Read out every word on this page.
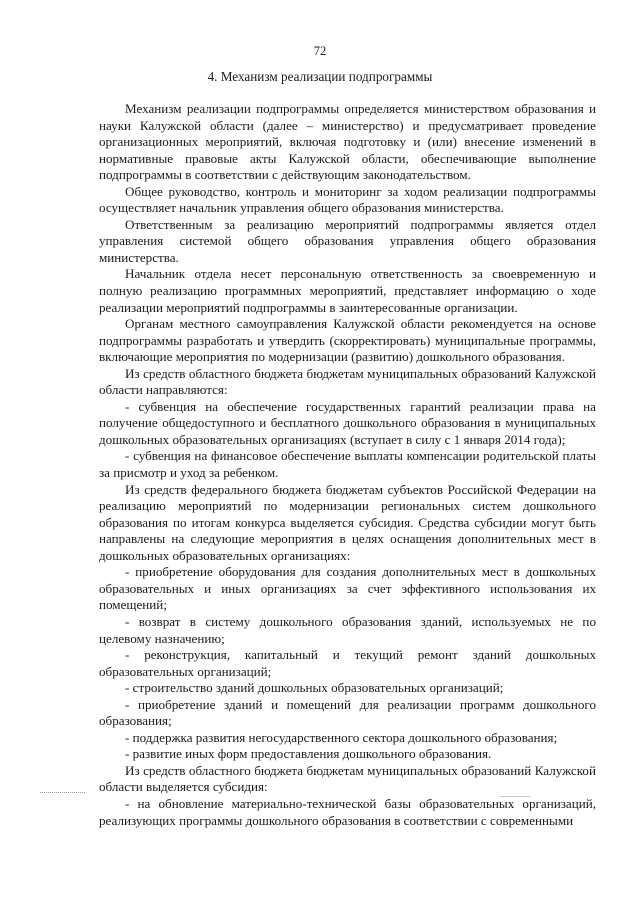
72
4. Механизм реализации подпрограммы

Механизм реализации подпрограммы определяется министерством образования и науки Калужской области (далее – министерство) и предусматривает проведение организационных мероприятий, включая подготовку и (или) внесение изменений в нормативные правовые акты Калужской области, обеспечивающие выполнение подпрограммы в соответствии с действующим законодательством.

Общее руководство, контроль и мониторинг за ходом реализации подпрограммы осуществляет начальник управления общего образования министерства.

Ответственным за реализацию мероприятий подпрограммы является отдел управления системой общего образования управления общего образования министерства.

Начальник отдела несет персональную ответственность за своевременную и полную реализацию программных мероприятий, представляет информацию о ходе реализации мероприятий подпрограммы в заинтересованные организации.

Органам местного самоуправления Калужской области рекомендуется на основе подпрограммы разработать и утвердить (скорректировать) муниципальные программы, включающие мероприятия по модернизации (развитию) дошкольного образования.

Из средств областного бюджета бюджетам муниципальных образований Калужской области направляются:

- субвенция на обеспечение государственных гарантий реализации права на получение общедоступного и бесплатного дошкольного образования в муниципальных дошкольных образовательных организациях (вступает в силу с 1 января 2014 года);

- субвенция на финансовое обеспечение выплаты компенсации родительской платы за присмотр и уход за ребенком.

Из средств федерального бюджета бюджетам субъектов Российской Федерации на реализацию мероприятий по модернизации региональных систем дошкольного образования по итогам конкурса выделяется субсидия. Средства субсидии могут быть направлены на следующие мероприятия в целях оснащения дополнительных мест в дошкольных образовательных организациях:

- приобретение оборудования для создания дополнительных мест в дошкольных образовательных и иных организациях за счет эффективного использования их помещений;

- возврат в систему дошкольного образования зданий, используемых не по целевому назначению;

- реконструкция, капитальный и текущий ремонт зданий дошкольных образовательных организаций;

- строительство зданий дошкольных образовательных организаций;

- приобретение зданий и помещений для реализации программ дошкольного образования;

- поддержка развития негосударственного сектора дошкольного образования;

- развитие иных форм предоставления дошкольного образования.

Из средств областного бюджета бюджетам муниципальных образований Калужской области выделяется субсидия:

- на обновление материально-технической базы образовательных организаций, реализующих программы дошкольного образования в соответствии с современными
